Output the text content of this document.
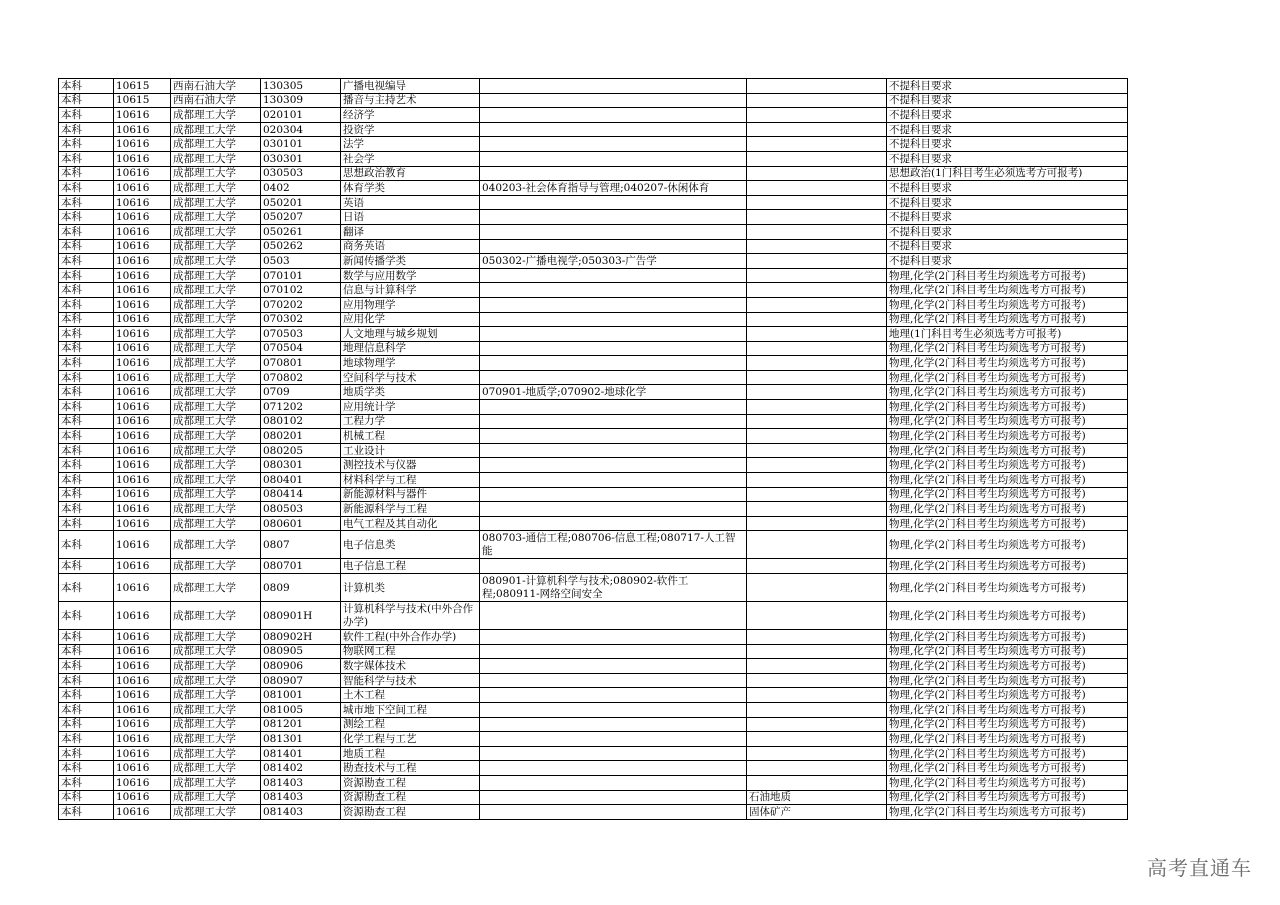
本科	10615	西南石油大学	130305	广播电视编导			不提科目要求
本科	10615	西南石油大学	130309	播音与主持艺术			不提科目要求
本科	10616	成都理工大学	020101	经济学			不提科目要求
本科	10616	成都理工大学	020304	投资学			不提科目要求
本科	10616	成都理工大学	030101	法学			不提科目要求
本科	10616	成都理工大学	030301	社会学			不提科目要求
本科	10616	成都理工大学	030503	思想政治教育			思想政治(1门科目考生必须选考方可报考)
本科	10616	成都理工大学	0402	体育学类	040203-社会体育指导与管理;040207-休闲体育		不提科目要求
本科	10616	成都理工大学	050201	英语			不提科目要求
本科	10616	成都理工大学	050207	日语			不提科目要求
本科	10616	成都理工大学	050261	翻译			不提科目要求
本科	10616	成都理工大学	050262	商务英语			不提科目要求
本科	10616	成都理工大学	0503	新闻传播学类	050302-广播电视学;050303-广告学		不提科目要求
本科	10616	成都理工大学	070101	数学与应用数学			物理,化学(2门科目考生均须选考方可报考)
本科	10616	成都理工大学	070102	信息与计算科学			物理,化学(2门科目考生均须选考方可报考)
本科	10616	成都理工大学	070202	应用物理学			物理,化学(2门科目考生均须选考方可报考)
本科	10616	成都理工大学	070302	应用化学			物理,化学(2门科目考生均须选考方可报考)
本科	10616	成都理工大学	070503	人文地理与城乡规划			地理(1门科目考生必须选考方可报考)
本科	10616	成都理工大学	070504	地理信息科学			物理,化学(2门科目考生均须选考方可报考)
本科	10616	成都理工大学	070801	地球物理学			物理,化学(2门科目考生均须选考方可报考)
本科	10616	成都理工大学	070802	空间科学与技术			物理,化学(2门科目考生均须选考方可报考)
本科	10616	成都理工大学	0709	地质学类	070901-地质学;070902-地球化学		物理,化学(2门科目考生均须选考方可报考)
本科	10616	成都理工大学	071202	应用统计学			物理,化学(2门科目考生均须选考方可报考)
本科	10616	成都理工大学	080102	工程力学			物理,化学(2门科目考生均须选考方可报考)
本科	10616	成都理工大学	080201	机械工程			物理,化学(2门科目考生均须选考方可报考)
本科	10616	成都理工大学	080205	工业设计			物理,化学(2门科目考生均须选考方可报考)
本科	10616	成都理工大学	080301	测控技术与仪器			物理,化学(2门科目考生均须选考方可报考)
本科	10616	成都理工大学	080401	材料科学与工程			物理,化学(2门科目考生均须选考方可报考)
本科	10616	成都理工大学	080414	新能源材料与器件			物理,化学(2门科目考生均须选考方可报考)
本科	10616	成都理工大学	080503	新能源科学与工程			物理,化学(2门科目考生均须选考方可报考)
本科	10616	成都理工大学	080601	电气工程及其自动化			物理,化学(2门科目考生均须选考方可报考)
本科	10616	成都理工大学	0807	电子信息类	080703-通信工程;080706-信息工程;080717-人工智能		物理,化学(2门科目考生均须选考方可报考)
本科	10616	成都理工大学	080701	电子信息工程			物理,化学(2门科目考生均须选考方可报考)
本科	10616	成都理工大学	0809	计算机类	080901-计算机科学与技术;080902-软件工程;080911-网络空间安全		物理,化学(2门科目考生均须选考方可报考)
本科	10616	成都理工大学	080901H	计算机科学与技术(中外合作办学)			物理,化学(2门科目考生均须选考方可报考)
本科	10616	成都理工大学	080902H	软件工程(中外合作办学)			物理,化学(2门科目考生均须选考方可报考)
本科	10616	成都理工大学	080905	物联网工程			物理,化学(2门科目考生均须选考方可报考)
本科	10616	成都理工大学	080906	数字媒体技术			物理,化学(2门科目考生均须选考方可报考)
本科	10616	成都理工大学	080907	智能科学与技术			物理,化学(2门科目考生均须选考方可报考)
本科	10616	成都理工大学	081001	土木工程			物理,化学(2门科目考生均须选考方可报考)
本科	10616	成都理工大学	081005	城市地下空间工程			物理,化学(2门科目考生均须选考方可报考)
本科	10616	成都理工大学	081201	测绘工程			物理,化学(2门科目考生均须选考方可报考)
本科	10616	成都理工大学	081301	化学工程与工艺			物理,化学(2门科目考生均须选考方可报考)
本科	10616	成都理工大学	081401	地质工程			物理,化学(2门科目考生均须选考方可报考)
本科	10616	成都理工大学	081402	勘查技术与工程			物理,化学(2门科目考生均须选考方可报考)
本科	10616	成都理工大学	081403	资源勘查工程			物理,化学(2门科目考生均须选考方可报考)
本科	10616	成都理工大学	081403	资源勘查工程		石油地质	物理,化学(2门科目考生均须选考方可报考)
本科	10616	成都理工大学	081403	资源勘查工程		固体矿产	物理,化学(2门科目考生均须选考方可报考)
高考直通车
